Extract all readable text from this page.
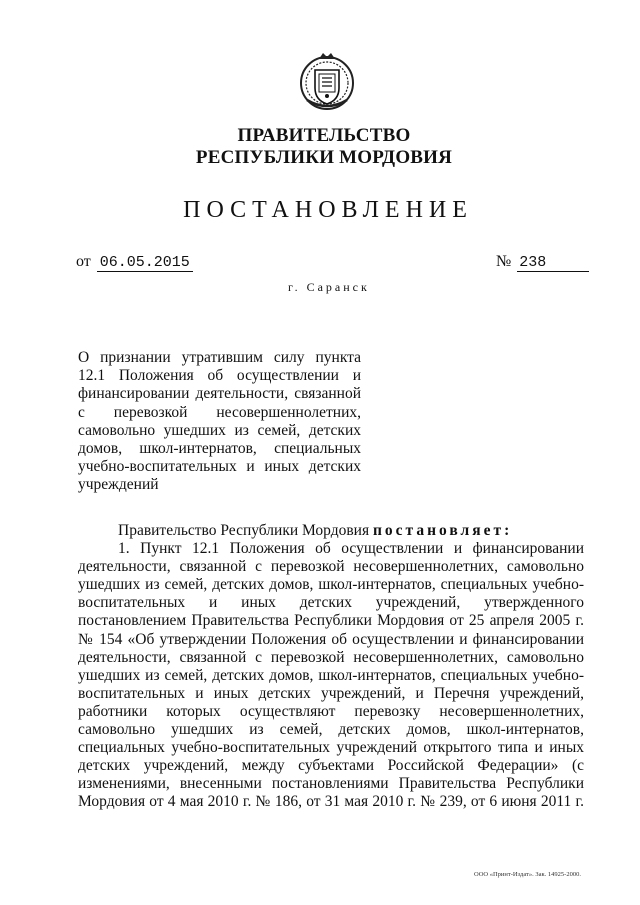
ПРАВИТЕЛЬСТВО
РЕСПУБЛИКИ МОРДОВИЯ
ПОСТАНОВЛЕНИЕ
от 06.05.2015	№ 238
г. Саранск
О признании утратившим силу пункта
12.1 Положения об осуществлении и
финансировании деятельности, связанной
с перевозкой несовершеннолетних,
самовольно ушедших из семей, детских
домов, школ-интернатов, специальных
учебно-воспитательных и иных детских
учреждений
Правительство Республики Мордовия постановляет:
1. Пункт 12.1 Положения об осуществлении и финансировании
деятельности, связанной с перевозкой несовершеннолетних, самовольно
ушедших из семей, детских домов, школ-интернатов, специальных учебно-
воспитательных и иных детских учреждений, утвержденного
постановлением Правительства Республики Мордовия от 25 апреля 2005 г.
№ 154 «Об утверждении Положения об осуществлении и финансировании
деятельности, связанной с перевозкой несовершеннолетних, самовольно
ушедших из семей, детских домов, школ-интернатов, специальных учебно-
воспитательных и иных детских учреждений, и Перечня учреждений,
работники которых осуществляют перевозку несовершеннолетних,
самовольно ушедших из семей, детских домов, школ-интернатов,
специальных учебно-воспитательных учреждений открытого типа и иных
детских учреждений, между субъектами Российской Федерации» (с
изменениями, внесенными постановлениями Правительства Республики
Мордовия от 4 мая 2010 г. № 186, от 31 мая 2010 г. № 239, от 6 июня 2011 г.
ООО «Принт-Издат». Зак. 14925-2000.
